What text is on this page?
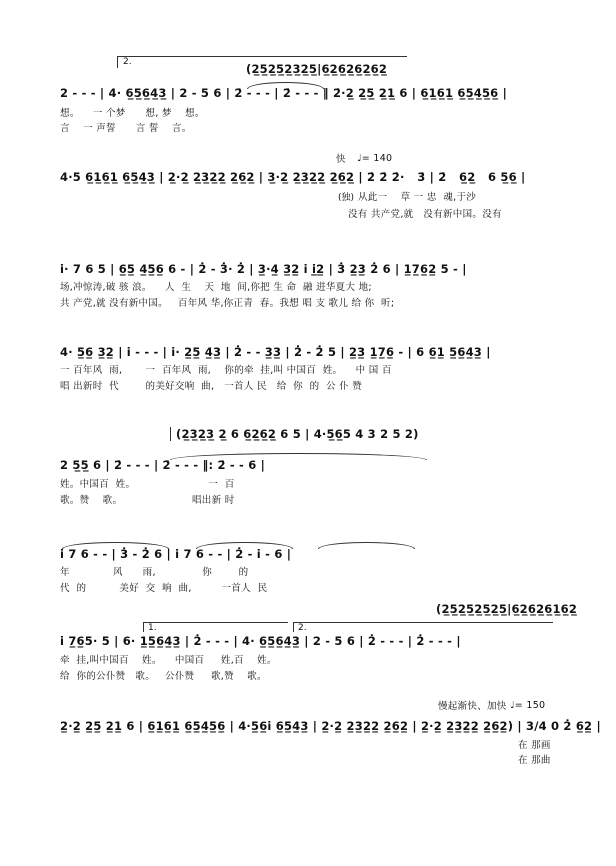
2.	(2̲5̲2̲5̲2̲3̲2̲5̲|6̲2̲6̲2̲6̲2̲6̲2̲
2 - - - | 4· 6̲5̲6̲4̲3̲ | 2 - 5 6 | 2̇ - - - | 2̇ - - - ‖ 2̇·2̲ 2̲5̲ 2̲1̲ 6 | 6̲1̲6̲1̲ 6̲5̲4̲5̲6̲ |
想。    一 个梦      想, 梦    想。
言    一 声誓      言 誓    言。
快 ♩= 140
4·5 6̲1̲6̲1̲ 6̲5̲4̲3̲ | 2̲·2̲ 2̲3̲2̲2̲ 2̲6̲2̲ | 3̲·2̲ 2̲3̲2̲2̲ 2̲6̲2̲ | 2̇ 2̇ 2̇·   3̇ | 2̇   6̲2̲   6 5̲6̲ |
(独) 从此一    草 一 忠  魂,于沙
没有 共产党,就   没有新中国。没有
i· 7 6 5 | 6̲5̲ 4̲5̲6̲ 6 - | 2̇ - 3̇· 2̇ | 3̲·4̲ 3̲2̲ i i̲2̲ | 3̇ 2̲3̲ 2̇ 6 | 1̲7̲6̲2̲ 5 - |
场,冲惊涛,破 骇 浪。    人  生    天  地  间,你把 生 命  融 进华夏大 地;
共 产党,就 没有新中国。   百年风 华,你正青  春。我想 唱 支 歌儿 给 你  听;
4· 5̲6̲ 3̲2̲ | i - - - | i· 2̲5̲ 4̲3̲ | 2̇ - - 3̲3̲ | 2̇ - 2̇ 5 | 2̲3̲ 1̲7̲6̲ - | 6 6̲1̲ 5̲6̲4̲3̲ |
一 百年风  雨,       一  百年风  雨,    你的牵  挂,叫 中国百  姓。    中 国 百
唱 出新时  代        的美好交响  曲,   一首人 民   给  你  的  公 仆 赞
(2̲3̲2̲3̲ 2̲ 6 6̲2̲6̲2̲ 6 5 | 4·5̲6̲5 4 3 2 5 2)
2 5̲5̲ 6 | 2̇ - - - | 2̇ - - - ‖: 2̇ - - 6 |
姓。中国百  姓。                      一  百
歌。赞    歌。                     唱出新 时
i 7 6 - - | 3̇ - 2̇ 6 | i 7 6 - - | 2̇ - i - 6 |
年             风      雨,              你        的
代  的          美好  交  响  曲,         一首人  民
(2̲5̲2̲5̲2̲5̲2̲5̲|6̲2̲6̲2̲6̲1̲6̲2̲
1.	2.
i 7̲6̲5· 5 | 6· 1̲5̲6̲4̲3̲ | 2̇ - - - | 4· 6̲5̲6̲4̲3̲ | 2 - 5 6 | 2̇ - - - | 2̇ - - - |
牵  挂,叫中国百    姓。    中国百     姓,百    姓。
给  你的公仆赞   歌。   公仆赞     歌,赞    歌。
慢起渐快、加快 ♩= 150
2̲·2̲ 2̲5̲ 2̲1̲ 6 | 6̲1̲6̲1̲ 6̲5̲4̲5̲6̲ | 4·5̲6̲i 6̲5̲4̲3̲ | 2̲·2̲ 2̲3̲2̲2̲ 2̲6̲2̲ | 2̲·2̲ 2̲3̲2̲2̲ 2̲6̲2̲) | 3/4 0 2̇ 6̲2̲ |
在 那画
在 那曲
